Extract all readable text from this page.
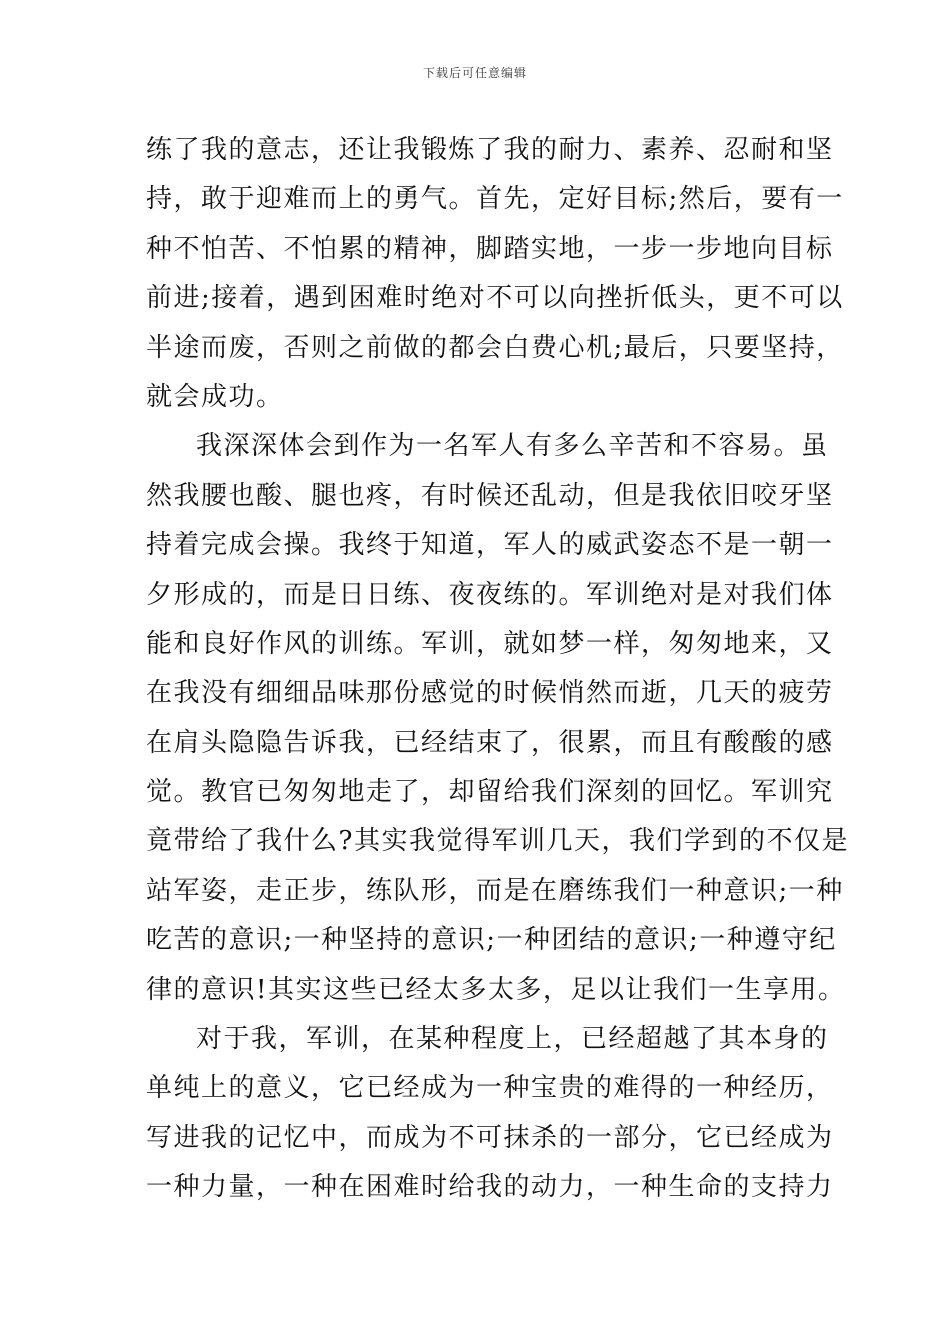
下载后可任意编辑
练了我的意志，还让我锻炼了我的耐力、素养、忍耐和坚
持，敢于迎难而上的勇气。首先，定好目标;然后，要有一
种不怕苦、不怕累的精神，脚踏实地，一步一步地向目标
前进;接着，遇到困难时绝对不可以向挫折低头，更不可以
半途而废，否则之前做的都会白费心机;最后，只要坚持，
就会成功。
我深深体会到作为一名军人有多么辛苦和不容易。虽
然我腰也酸、腿也疼，有时候还乱动，但是我依旧咬牙坚
持着完成会操。我终于知道，军人的威武姿态不是一朝一
夕形成的，而是日日练、夜夜练的。军训绝对是对我们体
能和良好作风的训练。军训，就如梦一样，匆匆地来，又
在我没有细细品味那份感觉的时候悄然而逝，几天的疲劳
在肩头隐隐告诉我，已经结束了，很累，而且有酸酸的感
觉。教官已匆匆地走了，却留给我们深刻的回忆。军训究
竟带给了我什么?其实我觉得军训几天，我们学到的不仅是
站军姿，走正步，练队形，而是在磨练我们一种意识;一种
吃苦的意识;一种坚持的意识;一种团结的意识;一种遵守纪
律的意识!其实这些已经太多太多，足以让我们一生享用。
对于我，军训，在某种程度上，已经超越了其本身的
单纯上的意义，它已经成为一种宝贵的难得的一种经历，
写进我的记忆中，而成为不可抹杀的一部分，它已经成为
一种力量，一种在困难时给我的动力，一种生命的支持力
